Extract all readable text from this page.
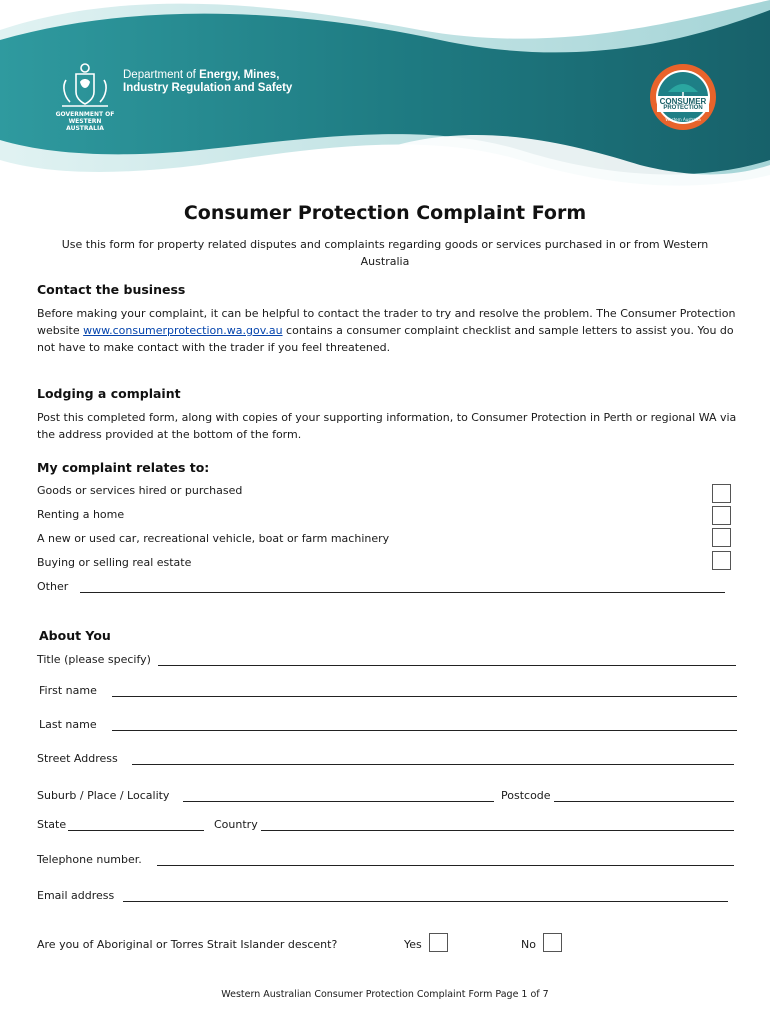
GOVERNMENT OF
WESTERN AUSTRALIA
Department of Energy, Mines,
Industry Regulation and Safety
CONSUMER
PROTECTION
Western Australia
Consumer Protection Complaint Form
Use this form for property related disputes and complaints regarding goods or services purchased in or from Western Australia
Contact the business
Before making your complaint, it can be helpful to contact the trader to try and resolve the problem. The Consumer Protection website www.consumerprotection.wa.gov.au contains a consumer complaint checklist and sample letters to assist you. You do not have to make contact with the trader if you feel threatened.
Lodging a complaint
Post this completed form, along with copies of your supporting information, to Consumer Protection in Perth or regional WA via the address provided at the bottom of the form.
My complaint relates to:
Goods or services hired or purchased
Renting a home
A new or used car, recreational vehicle, boat or farm machinery
Buying or selling real estate
Other
About You
Title (please specify)
First name
Last name
Street Address
Suburb / Place / Locality	Postcode
State	Country
Telephone number.
Email address
Are you of Aboriginal or Torres Strait Islander descent?	Yes	No
Western Australian Consumer Protection Complaint Form Page 1 of 7
